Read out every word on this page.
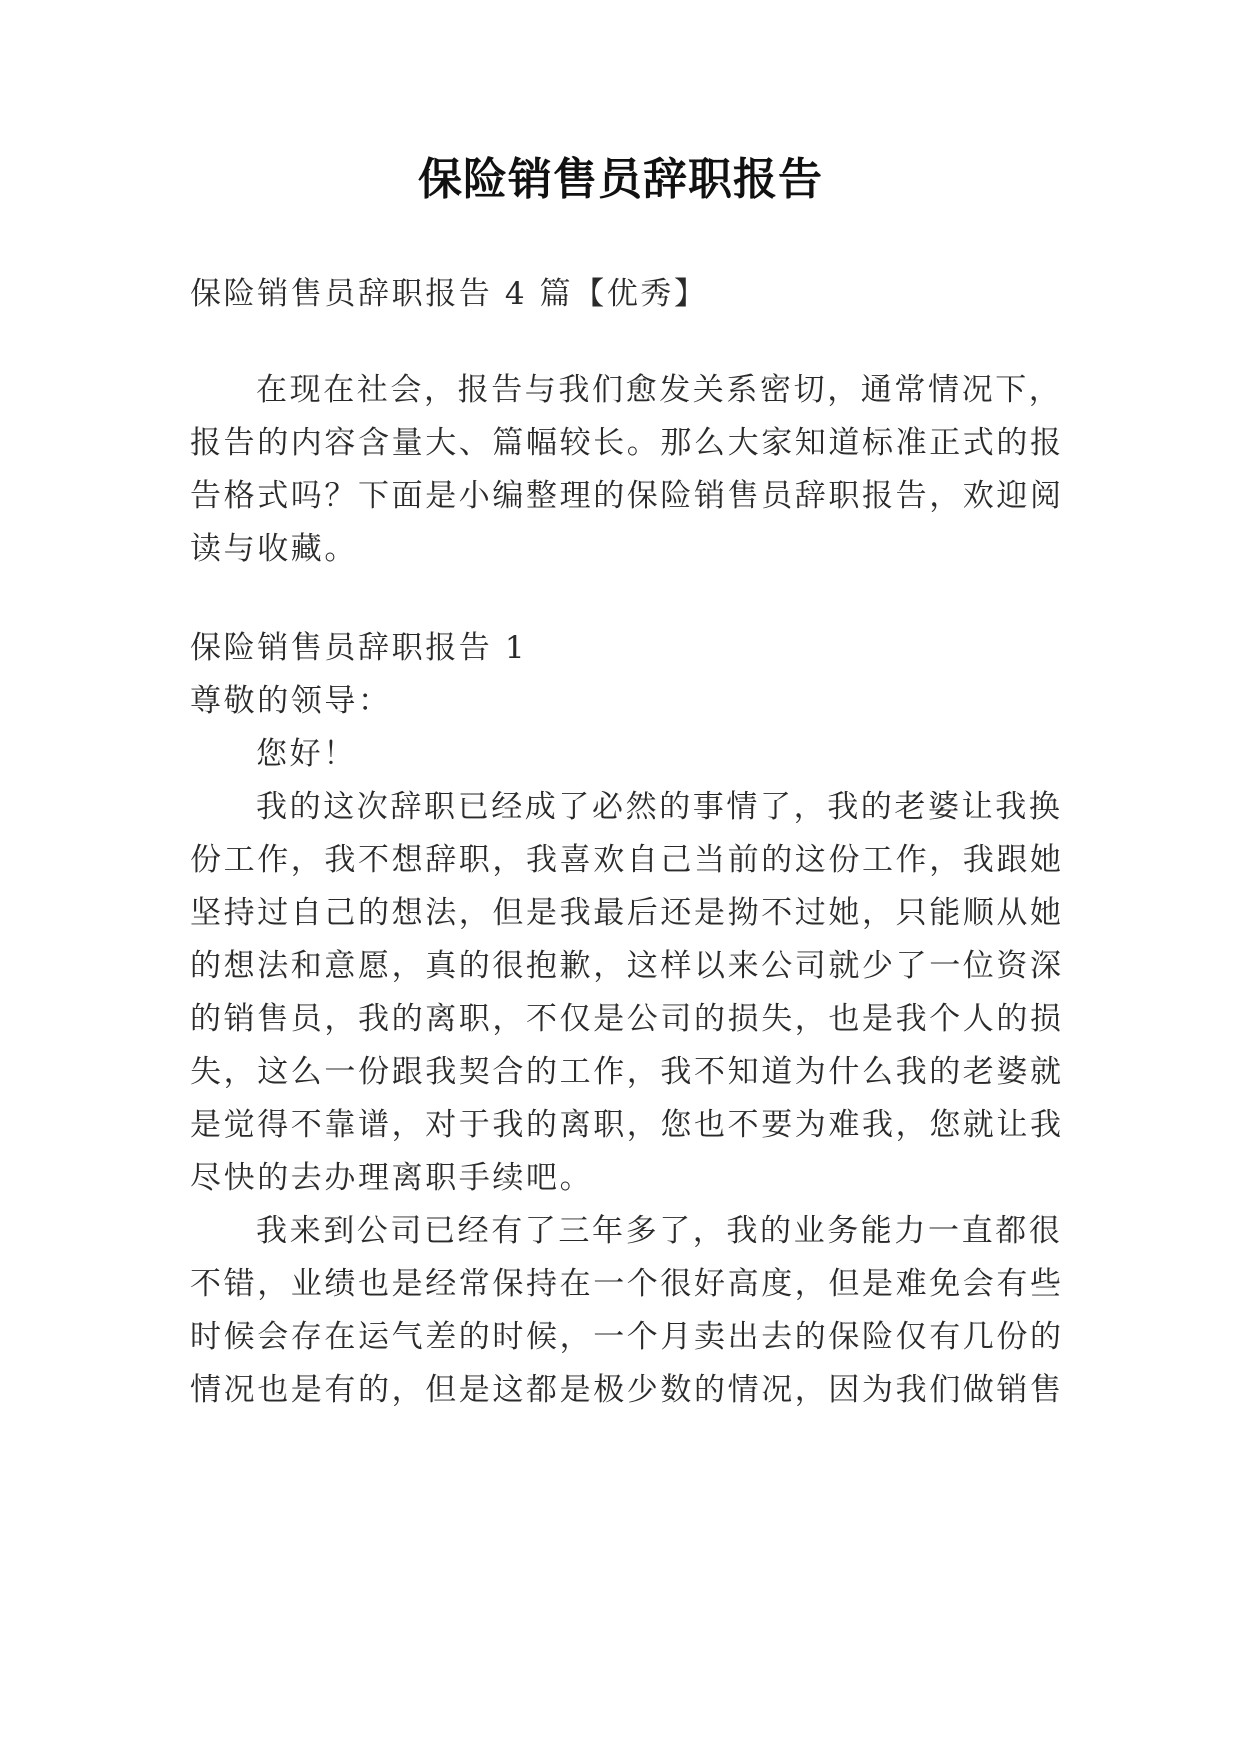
保险销售员辞职报告
保险销售员辞职报告 4 篇【优秀】
在现在社会，报告与我们愈发关系密切，通常情况下，
报告的内容含量大、篇幅较长。那么大家知道标准正式的报
告格式吗？下面是小编整理的保险销售员辞职报告，欢迎阅
读与收藏。
保险销售员辞职报告 1
尊敬的领导：
您好！
我的这次辞职已经成了必然的事情了，我的老婆让我换
份工作，我不想辞职，我喜欢自己当前的这份工作，我跟她
坚持过自己的想法，但是我最后还是拗不过她，只能顺从她
的想法和意愿，真的很抱歉，这样以来公司就少了一位资深
的销售员，我的离职，不仅是公司的损失，也是我个人的损
失，这么一份跟我契合的工作，我不知道为什么我的老婆就
是觉得不靠谱，对于我的离职，您也不要为难我，您就让我
尽快的去办理离职手续吧。
我来到公司已经有了三年多了，我的业务能力一直都很
不错，业绩也是经常保持在一个很好高度，但是难免会有些
时候会存在运气差的时候，一个月卖出去的保险仅有几份的
情况也是有的，但是这都是极少数的情况，因为我们做销售
